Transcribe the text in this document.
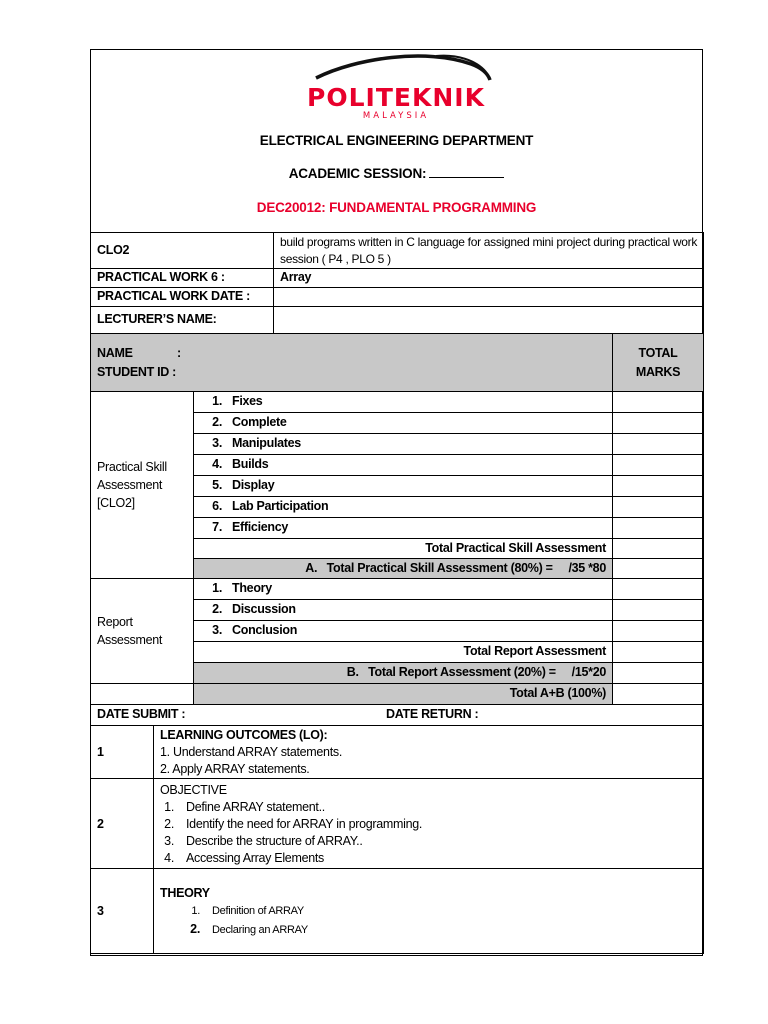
POLITEKNIK
MALAYSIA
ELECTRICAL ENGINEERING DEPARTMENT
ACADEMIC SESSION:
DEC20012: FUNDAMENTAL PROGRAMMING
CLO2			build programs written in C language for assigned mini project during practical work session ( P4 , PLO 5 )	
PRACTICAL WORK 6 :			Array	
PRACTICAL WORK DATE :				
LECTURER’S NAME:				

NAME :
STUDENT ID :				TOTAL MARKS
Practical Skill Assessment [CLO2]		1. Fixes		
		2. Complete		
		3. Manipulates		
		4. Builds		
		5. Display		
		6. Lab Participation		
		7. Efficiency		
		Total Practical Skill Assessment		
		A.   Total Practical Skill Assessment (80%) =     /35 *80		
Report Assessment		1. Theory		
		2. Discussion		
		3. Conclusion		
		Total Report Assessment		
		B.   Total Report Assessment (20%) =     /15*20		
		Total A+B (100%)		
DATE SUBMIT : DATE RETURN :				
1	LEARNING OUTCOMES (LO):
1. Understand ARRAY statements.
2. Apply ARRAY statements.			

2	OBJECTIVE
1. Define ARRAY statement..
2. Identify the need for ARRAY in programming.
3. Describe the structure of ARRAY..
4. Accessing Array Elements			

3	THEORY
1. Definition of ARRAY
2. Declaring an ARRAY			
